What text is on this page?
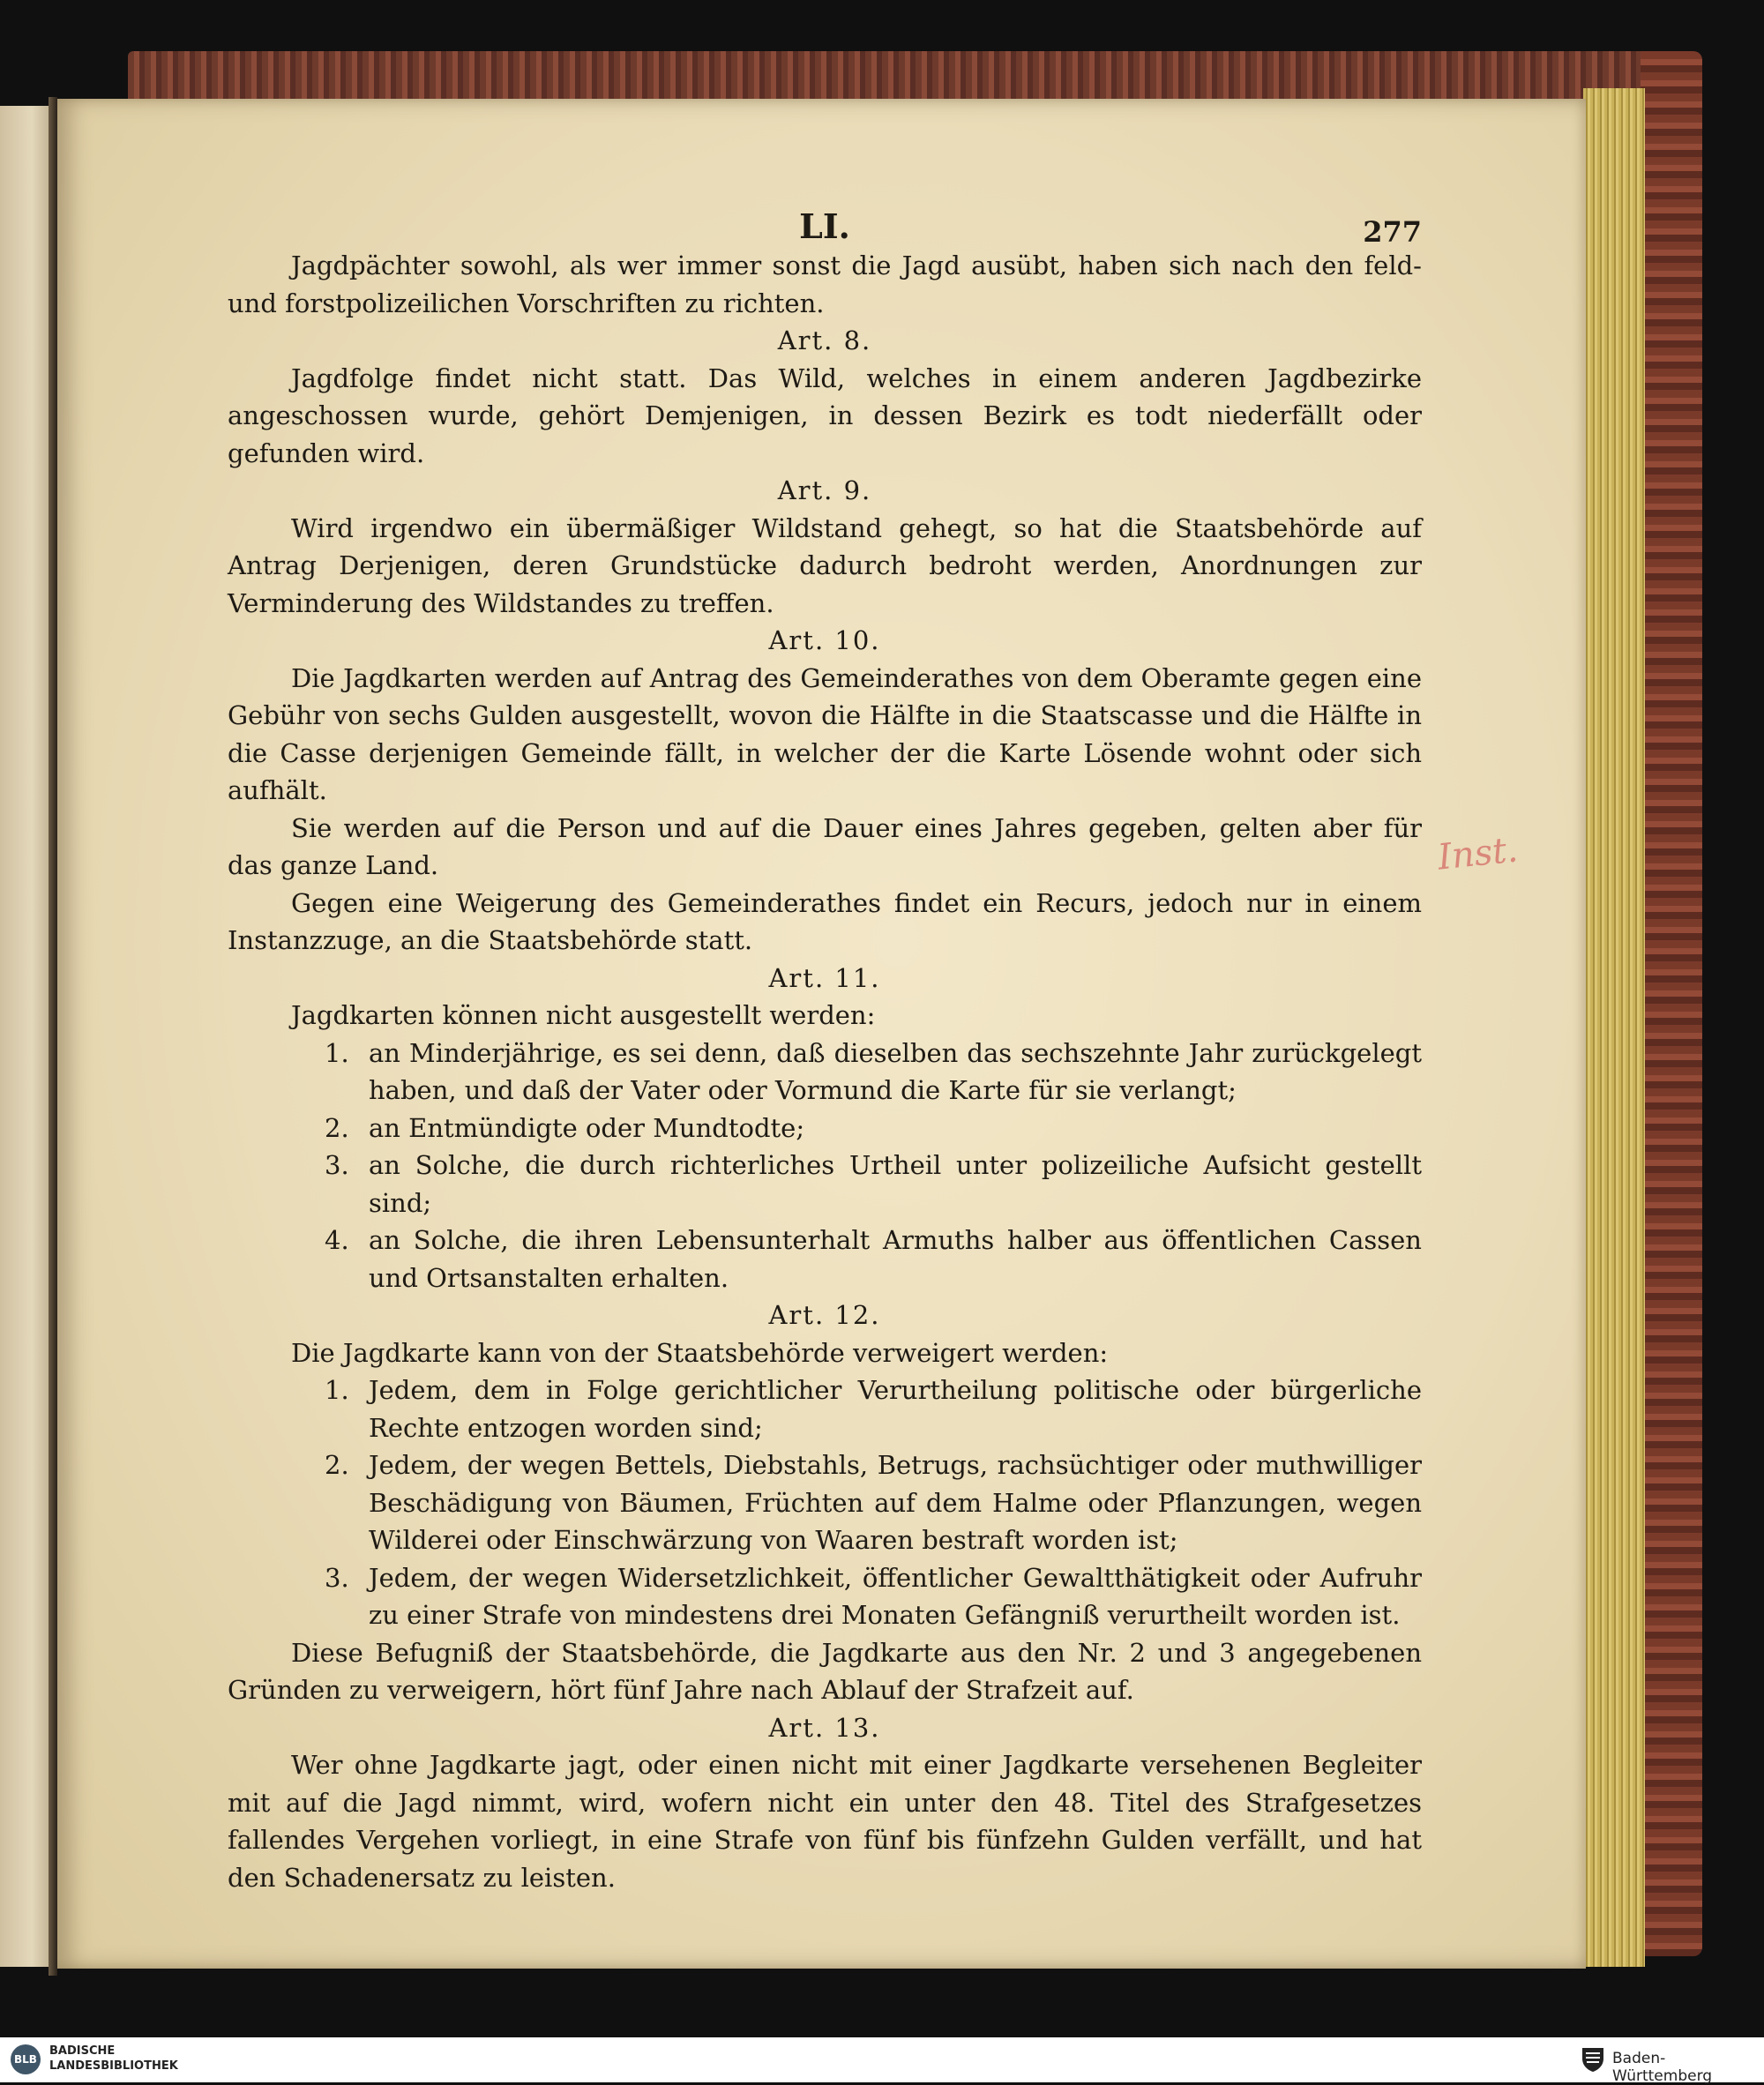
LI.	277

Jagdpächter sowohl, als wer immer sonst die Jagd ausübt, haben sich nach den feld- und forstpolizeilichen Vorschriften zu richten.

Art. 8.

Jagdfolge findet nicht statt. Das Wild, welches in einem anderen Jagdbezirke angeschossen wurde, gehört Demjenigen, in dessen Bezirk es todt niederfällt oder gefunden wird.

Art. 9.

Wird irgendwo ein übermäßiger Wildstand gehegt, so hat die Staatsbehörde auf Antrag Derjenigen, deren Grundstücke dadurch bedroht werden, Anordnungen zur Verminderung des Wildstandes zu treffen.

Art. 10.

Die Jagdkarten werden auf Antrag des Gemeinderathes von dem Oberamte gegen eine Gebühr von sechs Gulden ausgestellt, wovon die Hälfte in die Staatscasse und die Hälfte in die Casse derjenigen Gemeinde fällt, in welcher der die Karte Lösende wohnt oder sich aufhält.

Sie werden auf die Person und auf die Dauer eines Jahres gegeben, gelten aber für das ganze Land.

Gegen eine Weigerung des Gemeinderathes findet ein Recurs, jedoch nur in einem Instanzzuge, an die Staatsbehörde statt.

Art. 11.

Jagdkarten können nicht ausgestellt werden:

1. an Minderjährige, es sei denn, daß dieselben das sechszehnte Jahr zurückgelegt haben, und daß der Vater oder Vormund die Karte für sie verlangt;
2. an Entmündigte oder Mundtodte;
3. an Solche, die durch richterliches Urtheil unter polizeiliche Aufsicht gestellt sind;
4. an Solche, die ihren Lebensunterhalt Armuths halber aus öffentlichen Cassen und Ortsanstalten erhalten.
Art. 12.

Die Jagdkarte kann von der Staatsbehörde verweigert werden:

1. Jedem, dem in Folge gerichtlicher Verurtheilung politische oder bürgerliche Rechte entzogen worden sind;
2. Jedem, der wegen Bettels, Diebstahls, Betrugs, rachsüchtiger oder muthwilliger Beschädigung von Bäumen, Früchten auf dem Halme oder Pflanzungen, wegen Wilderei oder Einschwärzung von Waaren bestraft worden ist;
3. Jedem, der wegen Widersetzlichkeit, öffentlicher Gewaltthätigkeit oder Aufruhr zu einer Strafe von mindestens drei Monaten Gefängniß verurtheilt worden ist.

Diese Befugniß der Staatsbehörde, die Jagdkarte aus den Nr. 2 und 3 angegebenen Gründen zu verweigern, hört fünf Jahre nach Ablauf der Strafzeit auf.

Art. 13.

Wer ohne Jagdkarte jagt, oder einen nicht mit einer Jagdkarte versehenen Begleiter mit auf die Jagd nimmt, wird, wofern nicht ein unter den 48. Titel des Strafgesetzes fallendes Vergehen vorliegt, in eine Strafe von fünf bis fünfzehn Gulden verfällt, und hat den Schadenersatz zu leisten.

Inst.
BLB
BADISCHE
LANDESBIBLIOTHEK	Baden-Württemberg
